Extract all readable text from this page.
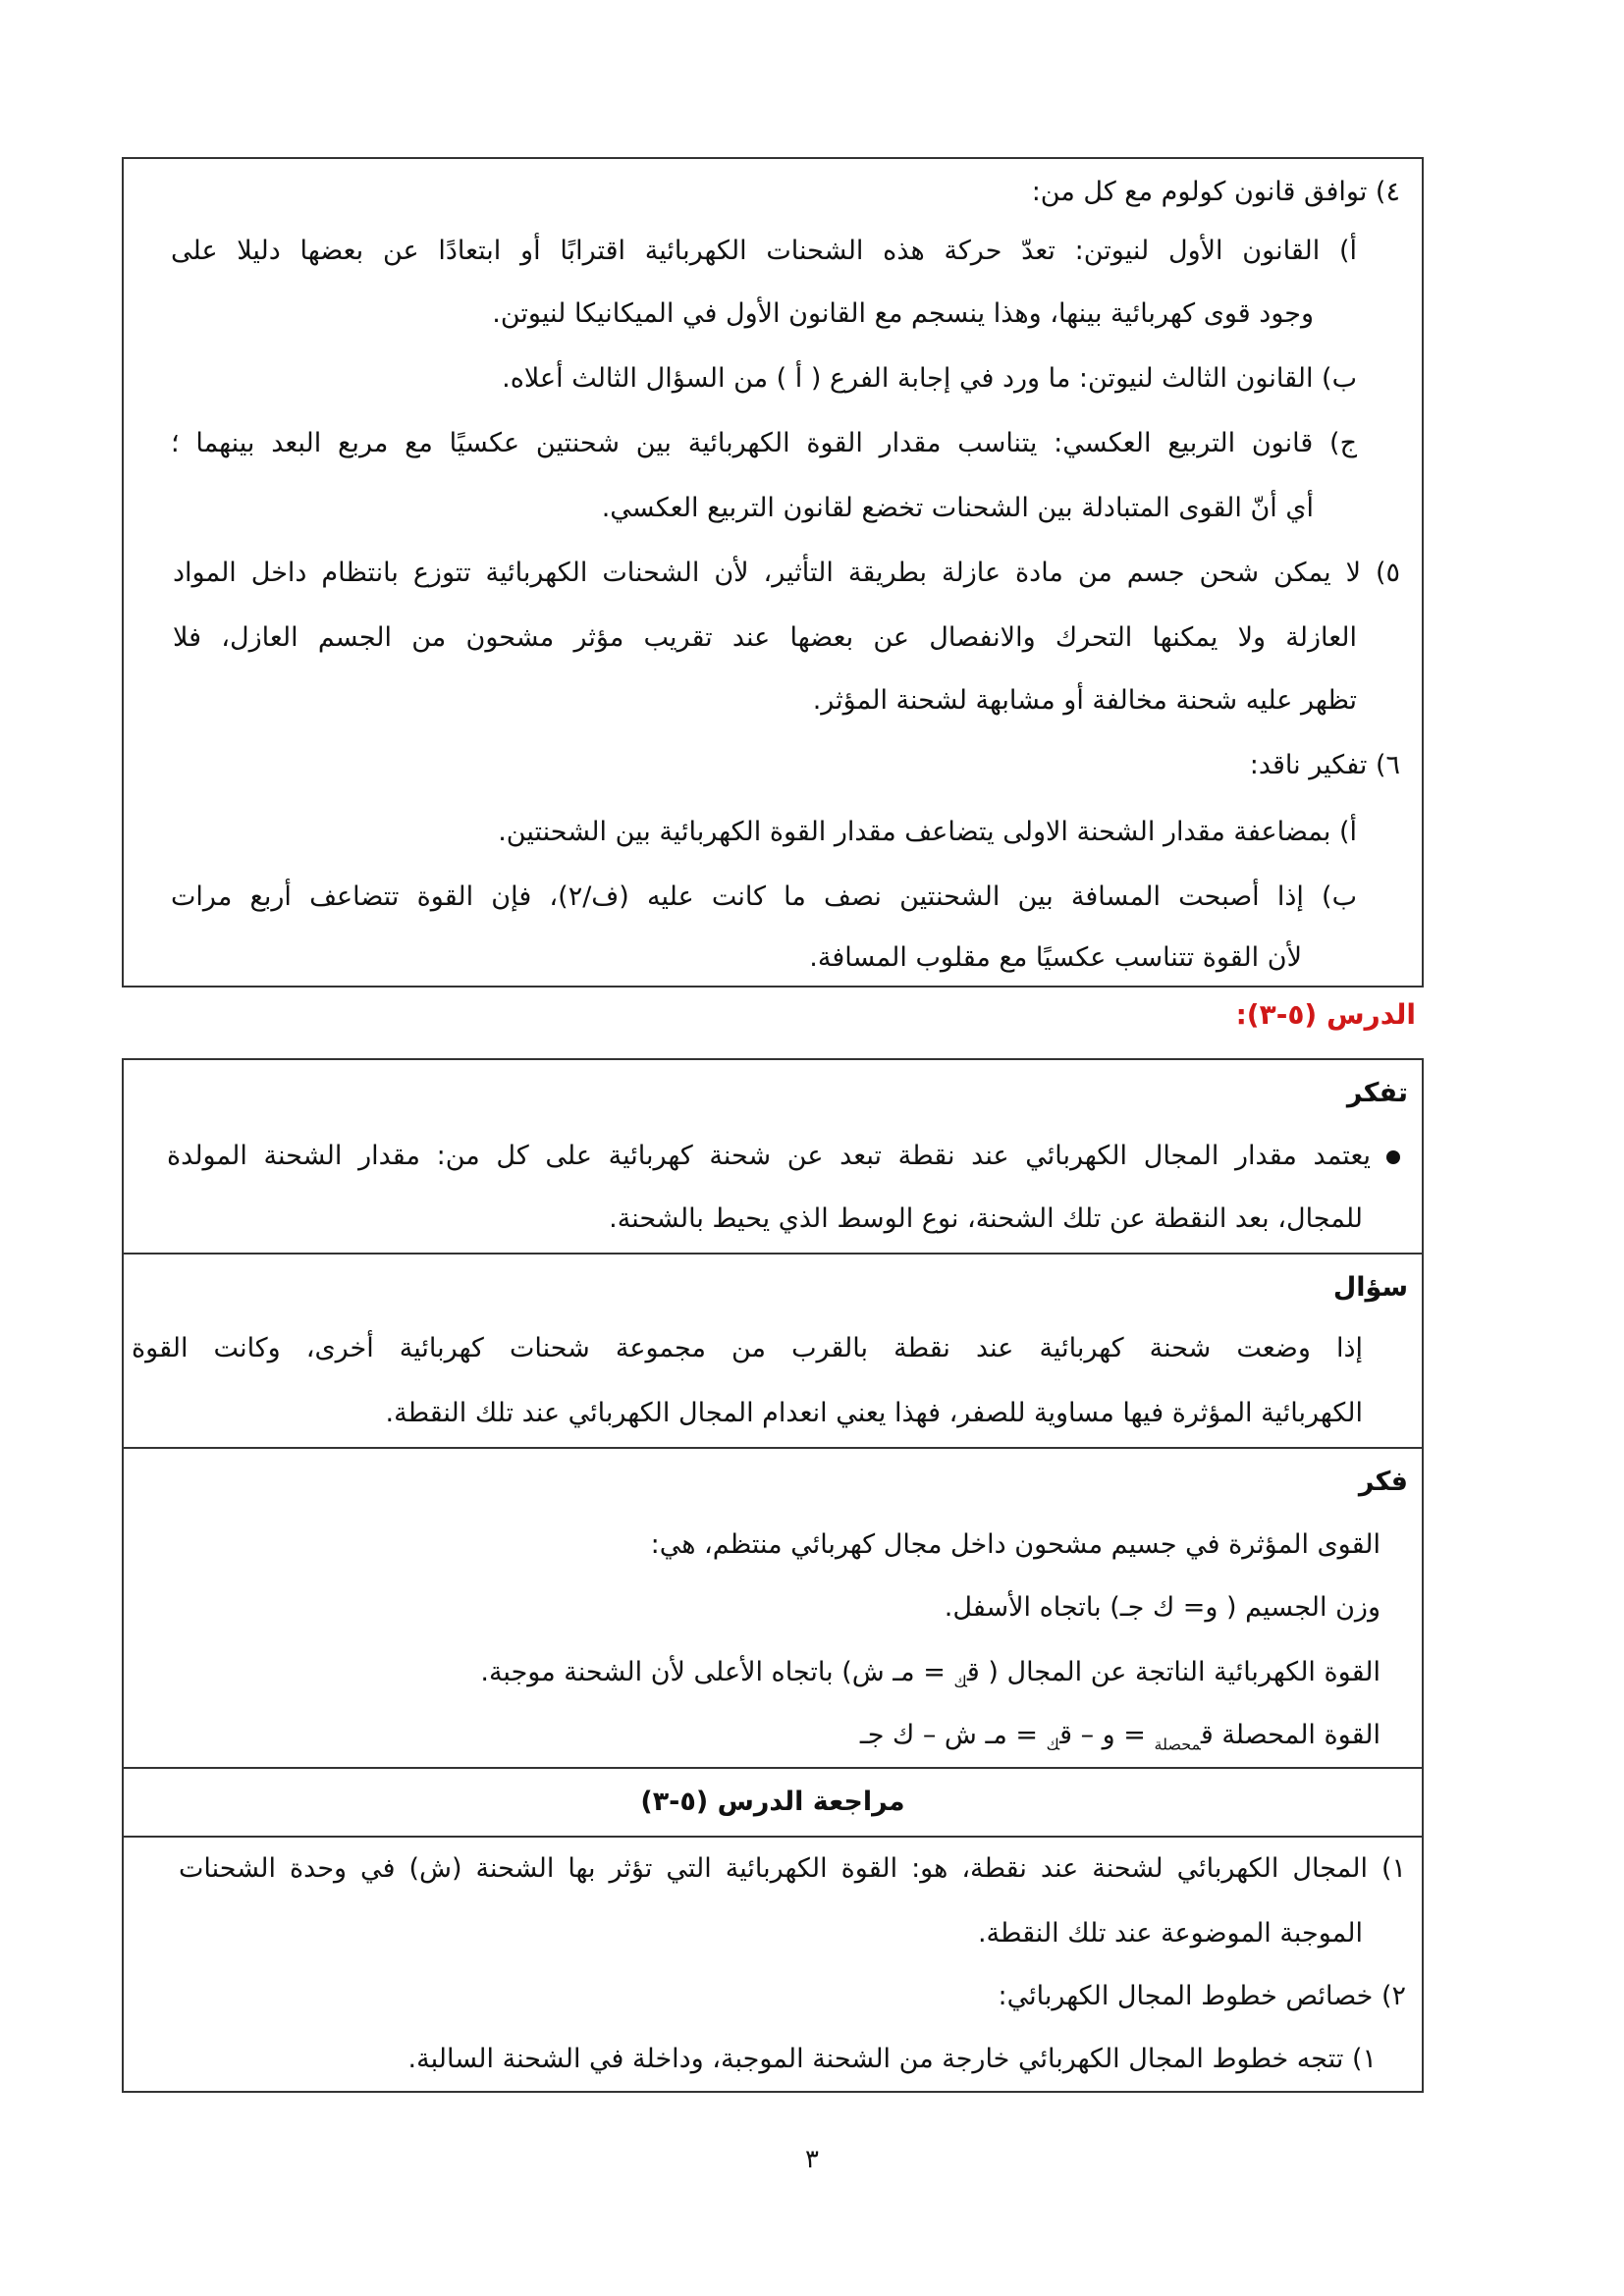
٤) توافق قانون كولوم مع كل من:
أ) القانون الأول لنيوتن: تعدّ حركة هذه الشحنات الكهربائية اقترابًا أو ابتعادًا عن بعضها دليلا على
وجود قوى كهربائية بينها، وهذا ينسجم مع القانون الأول في الميكانيكا لنيوتن.
ب) القانون الثالث لنيوتن: ما ورد في إجابة الفرع ( أ ) من السؤال الثالث أعلاه.
ج) قانون التربيع العكسي: يتناسب مقدار القوة الكهربائية بين شحنتين عكسيًا مع مربع البعد بينهما ؛
أي أنّ القوى المتبادلة بين الشحنات تخضع لقانون التربيع العكسي.
٥) لا يمكن شحن جسم من مادة عازلة بطريقة التأثير، لأن الشحنات الكهربائية تتوزع بانتظام داخل المواد
العازلة ولا يمكنها التحرك والانفصال عن بعضها عند تقريب مؤثر مشحون من الجسم العازل، فلا
تظهر عليه شحنة مخالفة أو مشابهة لشحنة المؤثر.
٦) تفكير ناقد:
أ) بمضاعفة مقدار الشحنة الاولى يتضاعف مقدار القوة الكهربائية بين الشحنتين.
ب) إذا أصبحت المسافة بين الشحنتين نصف ما كانت عليه (ف/٢)، فإن القوة تتضاعف أربع مرات
لأن القوة تتناسب عكسيًا مع مقلوب المسافة.
الدرس (٥-٣):
تفكر
يعتمد مقدار المجال الكهربائي عند نقطة تبعد عن شحنة كهربائية على كل من: مقدار الشحنة المولدة
للمجال، بعد النقطة عن تلك الشحنة، نوع الوسط الذي يحيط بالشحنة.
سؤال
إذا وضعت شحنة كهربائية عند نقطة بالقرب من مجموعة شحنات كهربائية أخرى، وكانت القوة
الكهربائية المؤثرة فيها مساوية للصفر، فهذا يعني انعدام المجال الكهربائي عند تلك النقطة.
فكر
القوى المؤثرة في جسيم مشحون داخل مجال كهربائي منتظم، هي:
وزن الجسيم ( و= ك جـ) باتجاه الأسفل.
القوة الكهربائية الناتجة عن المجال ( ق$_ك$ = مـ ش) باتجاه الأعلى لأن الشحنة موجبة.
القوة المحصلة ق$_{محصلة}$ = و – ق$_ك$ = مـ ش – ك جـ
مراجعة الدرس (٥-٣)
١) المجال الكهربائي لشحنة عند نقطة، هو: القوة الكهربائية التي تؤثر بها الشحنة (ش) في وحدة الشحنات
الموجبة الموضوعة عند تلك النقطة.
٢) خصائص خطوط المجال الكهربائي:
١) تتجه خطوط المجال الكهربائي خارجة من الشحنة الموجبة، وداخلة في الشحنة السالبة.
٣
